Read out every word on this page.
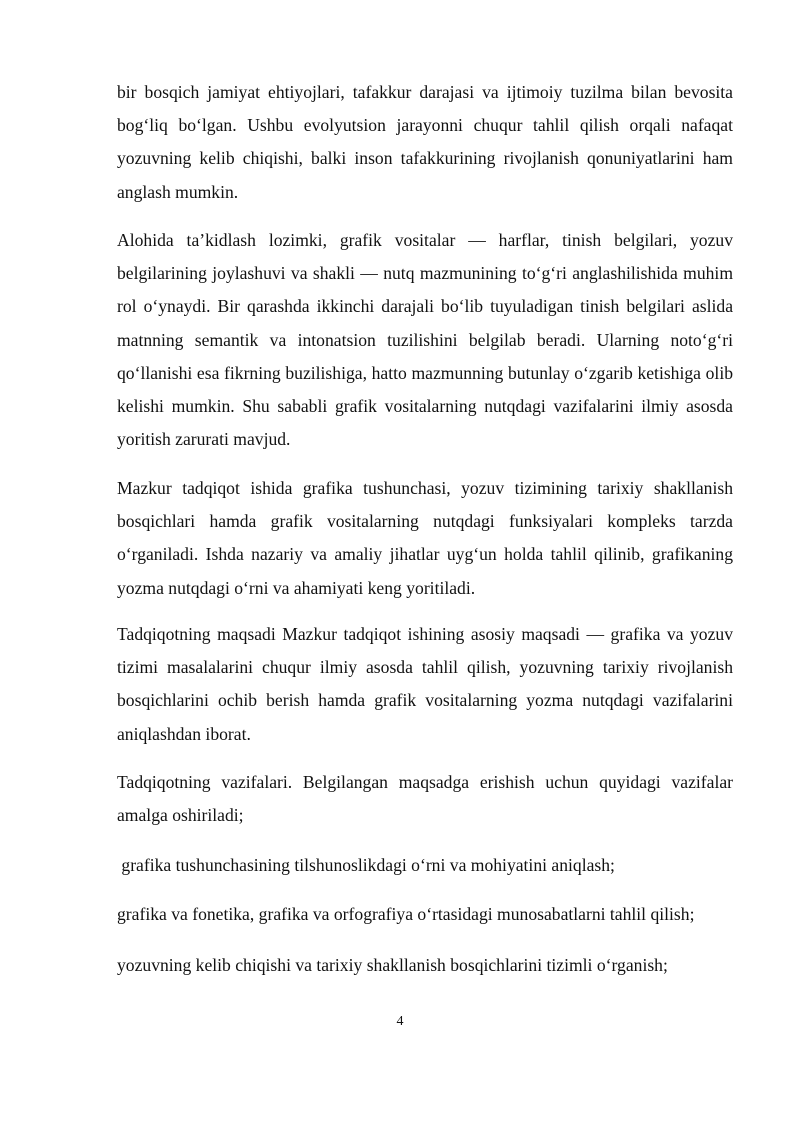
bir bosqich jamiyat ehtiyojlari, tafakkur darajasi va ijtimoiy tuzilma bilan bevosita bog‘liq bo‘lgan. Ushbu evolyutsion jarayonni chuqur tahlil qilish orqali nafaqat yozuvning kelib chiqishi, balki inson tafakkurining rivojlanish qonuniyatlarini ham anglash mumkin.

Alohida ta’kidlash lozimki, grafik vositalar — harflar, tinish belgilari, yozuv belgilarining joylashuvi va shakli — nutq mazmunining to‘g‘ri anglashilishida muhim rol o‘ynaydi. Bir qarashda ikkinchi darajali bo‘lib tuyuladigan tinish belgilari aslida matnning semantik va intonatsion tuzilishini belgilab beradi. Ularning noto‘g‘ri qo‘llanishi esa fikrning buzilishiga, hatto mazmunning butunlay o‘zgarib ketishiga olib kelishi mumkin. Shu sababli grafik vositalarning nutqdagi vazifalarini ilmiy asosda yoritish zarurati mavjud.

Mazkur tadqiqot ishida grafika tushunchasi, yozuv tizimining tarixiy shakllanish bosqichlari hamda grafik vositalarning nutqdagi funksiyalari kompleks tarzda o‘rganiladi. Ishda nazariy va amaliy jihatlar uyg‘un holda tahlil qilinib, grafikaning yozma nutqdagi o‘rni va ahamiyati keng yoritiladi.

Tadqiqotning maqsadi Mazkur tadqiqot ishining asosiy maqsadi — grafika va yozuv tizimi masalalarini chuqur ilmiy asosda tahlil qilish, yozuvning tarixiy rivojlanish bosqichlarini ochib berish hamda grafik vositalarning yozma nutqdagi vazifalarini aniqlashdan iborat.

Tadqiqotning vazifalari. Belgilangan maqsadga erishish uchun quyidagi vazifalar amalga oshiriladi;

grafika tushunchasining tilshunoslikdagi o‘rni va mohiyatini aniqlash;

grafika va fonetika, grafika va orfografiya o‘rtasidagi munosabatlarni tahlil qilish;

yozuvning kelib chiqishi va tarixiy shakllanish bosqichlarini tizimli o‘rganish;

4
